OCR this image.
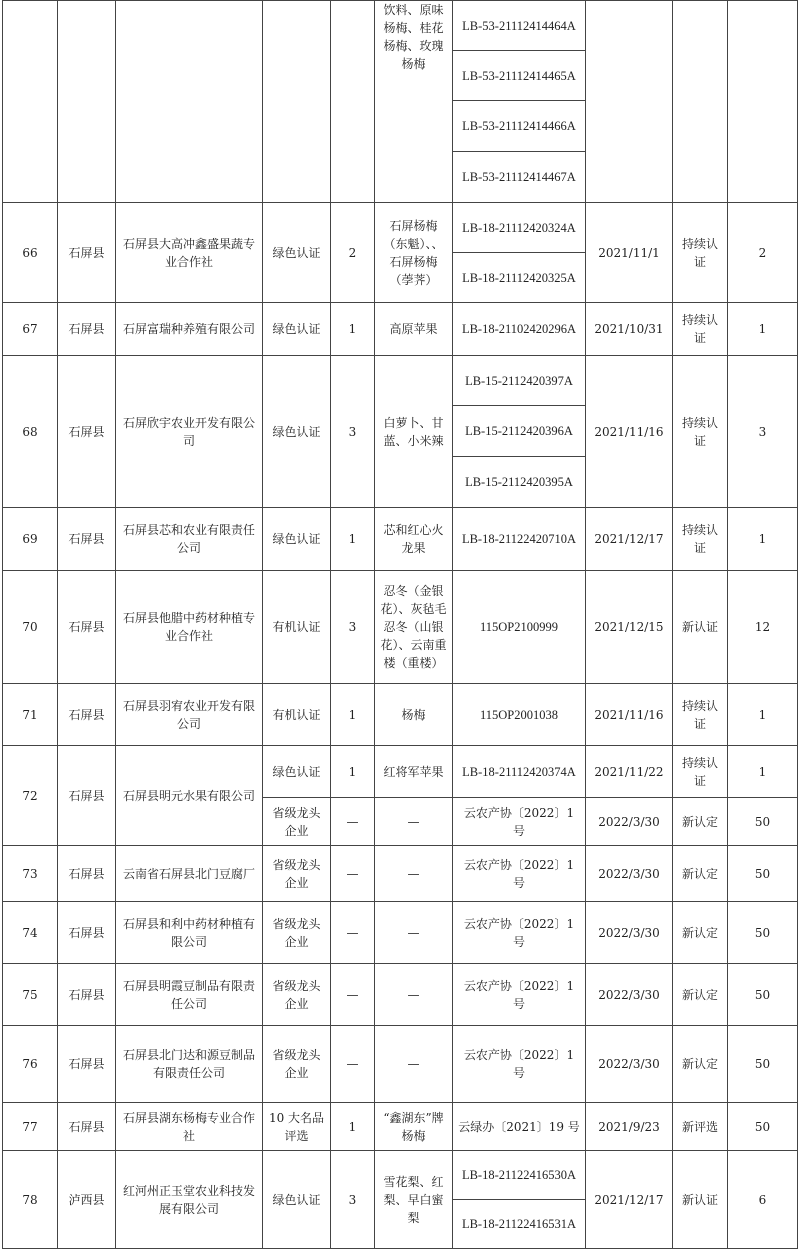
					饮料、原味杨梅、桂花杨梅、玫瑰杨梅	LB-53-21112414464A			
						LB-53-21112414465A			
						LB-53-21112414466A			
						LB-53-21112414467A			
66	石屏县	石屏县大高冲鑫盛果蔬专业合作社	绿色认证	2	石屏杨梅（东魁）、、石屏杨梅（荸荠）	LB-18-21112420324A	2021/11/1	持续认证	2
						LB-18-21112420325A			
67	石屏县	石屏富瑞种养殖有限公司	绿色认证	1	高原苹果	LB-18-21102420296A	2021/10/31	持续认证	1
68	石屏县	石屏欣宇农业开发有限公司	绿色认证	3	白萝卜、甘蓝、小米辣	LB-15-2112420397A	2021/11/16	持续认证	3
						LB-15-2112420396A			
						LB-15-2112420395A			
69	石屏县	石屏县芯和农业有限责任公司	绿色认证	1	芯和红心火龙果	LB-18-21122420710A	2021/12/17	持续认证	1
70	石屏县	石屏县他腊中药材种植专业合作社	有机认证	3	忍冬（金银花）、灰毡毛忍冬（山银花）、云南重楼（重楼）	115OP2100999	2021/12/15	新认证	12
71	石屏县	石屏县羽宥农业开发有限公司	有机认证	1	杨梅	115OP2001038	2021/11/16	持续认证	1
72	石屏县	石屏县明元水果有限公司	绿色认证	1	红将军苹果	LB-18-21112420374A	2021/11/22	持续认证	1
			省级龙头企业	—	—	云农产协〔2022〕1 号	2022/3/30	新认定	50
73	石屏县	云南省石屏县北门豆腐厂	省级龙头企业	—	—	云农产协〔2022〕1 号	2022/3/30	新认定	50
74	石屏县	石屏县和利中药材种植有限公司	省级龙头企业	—	—	云农产协〔2022〕1 号	2022/3/30	新认定	50
75	石屏县	石屏县明霞豆制品有限责任公司	省级龙头企业	—	—	云农产协〔2022〕1 号	2022/3/30	新认定	50
76	石屏县	石屏县北门达和源豆制品有限责任公司	省级龙头企业	—	—	云农产协〔2022〕1 号	2022/3/30	新认定	50
77	石屏县	石屏县湖东杨梅专业合作社	10 大名品评选	1	“鑫湖东”牌杨梅	云绿办〔2021〕19 号	2021/9/23	新评选	50
78	泸西县	红河州正玉堂农业科技发展有限公司	绿色认证	3	雪花梨、红梨、早白蜜梨	LB-18-21122416530A	2021/12/17	新认证	6
						LB-18-21122416531A			
